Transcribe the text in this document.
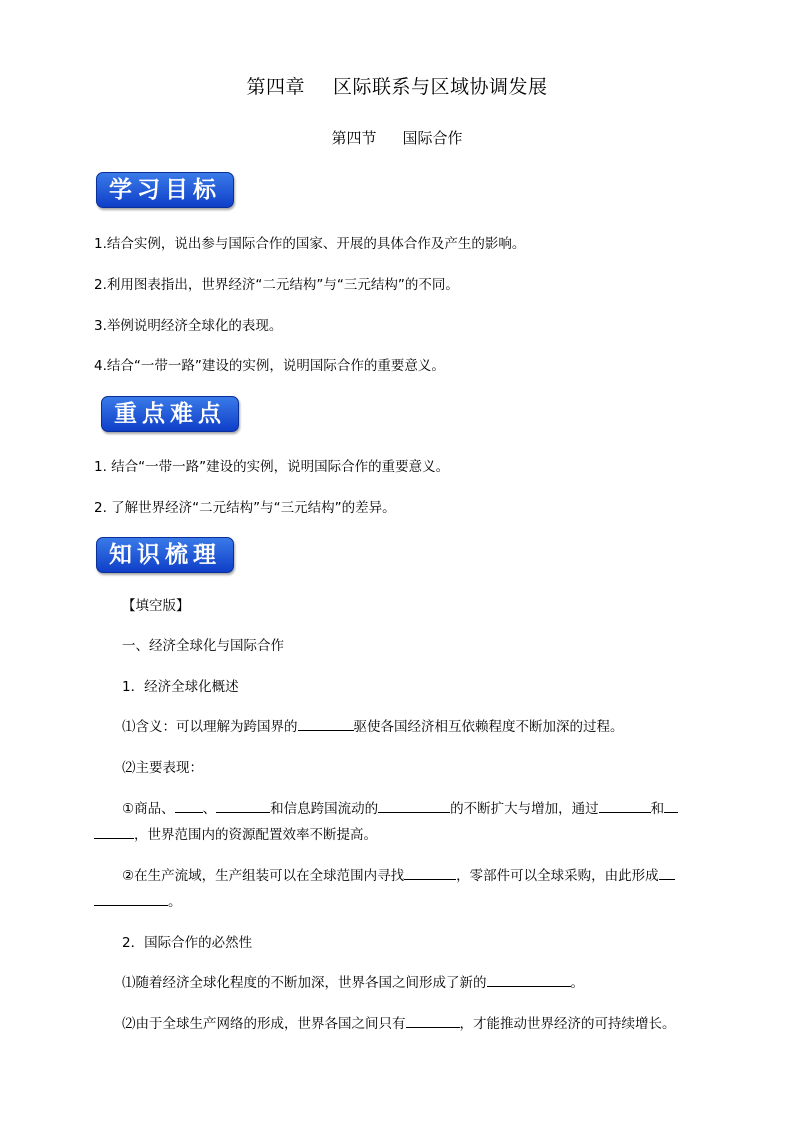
第四章 区际联系与区域协调发展
第四节 国际合作
学习目标
1.结合实例，说出参与国际合作的国家、开展的具体合作及产生的影响。
2.利用图表指出，世界经济“二元结构”与“三元结构”的不同。
3.举例说明经济全球化的表现。
4.结合“一带一路”建设的实例，说明国际合作的重要意义。
重点难点
1. 结合“一带一路”建设的实例，说明国际合作的重要意义。
2. 了解世界经济“二元结构”与“三元结构”的差异。
知识梳理
【填空版】
一、经济全球化与国际合作
1．经济全球化概述
⑴含义：可以理解为跨国界的	驱使各国经济相互依赖程度不断加深的过程。
⑵主要表现：
①商品、 、	和信息跨国流动的	的不断扩大与增加，通过	和
，世界范围内的资源配置效率不断提高。
②在生产流域，生产组装可以在全球范围内寻找	，零部件可以全球采购，由此形成
。
2．国际合作的必然性
⑴随着经济全球化程度的不断加深，世界各国之间形成了新的	。
⑵由于全球生产网络的形成，世界各国之间只有	，才能推动世界经济的可持续增长。
